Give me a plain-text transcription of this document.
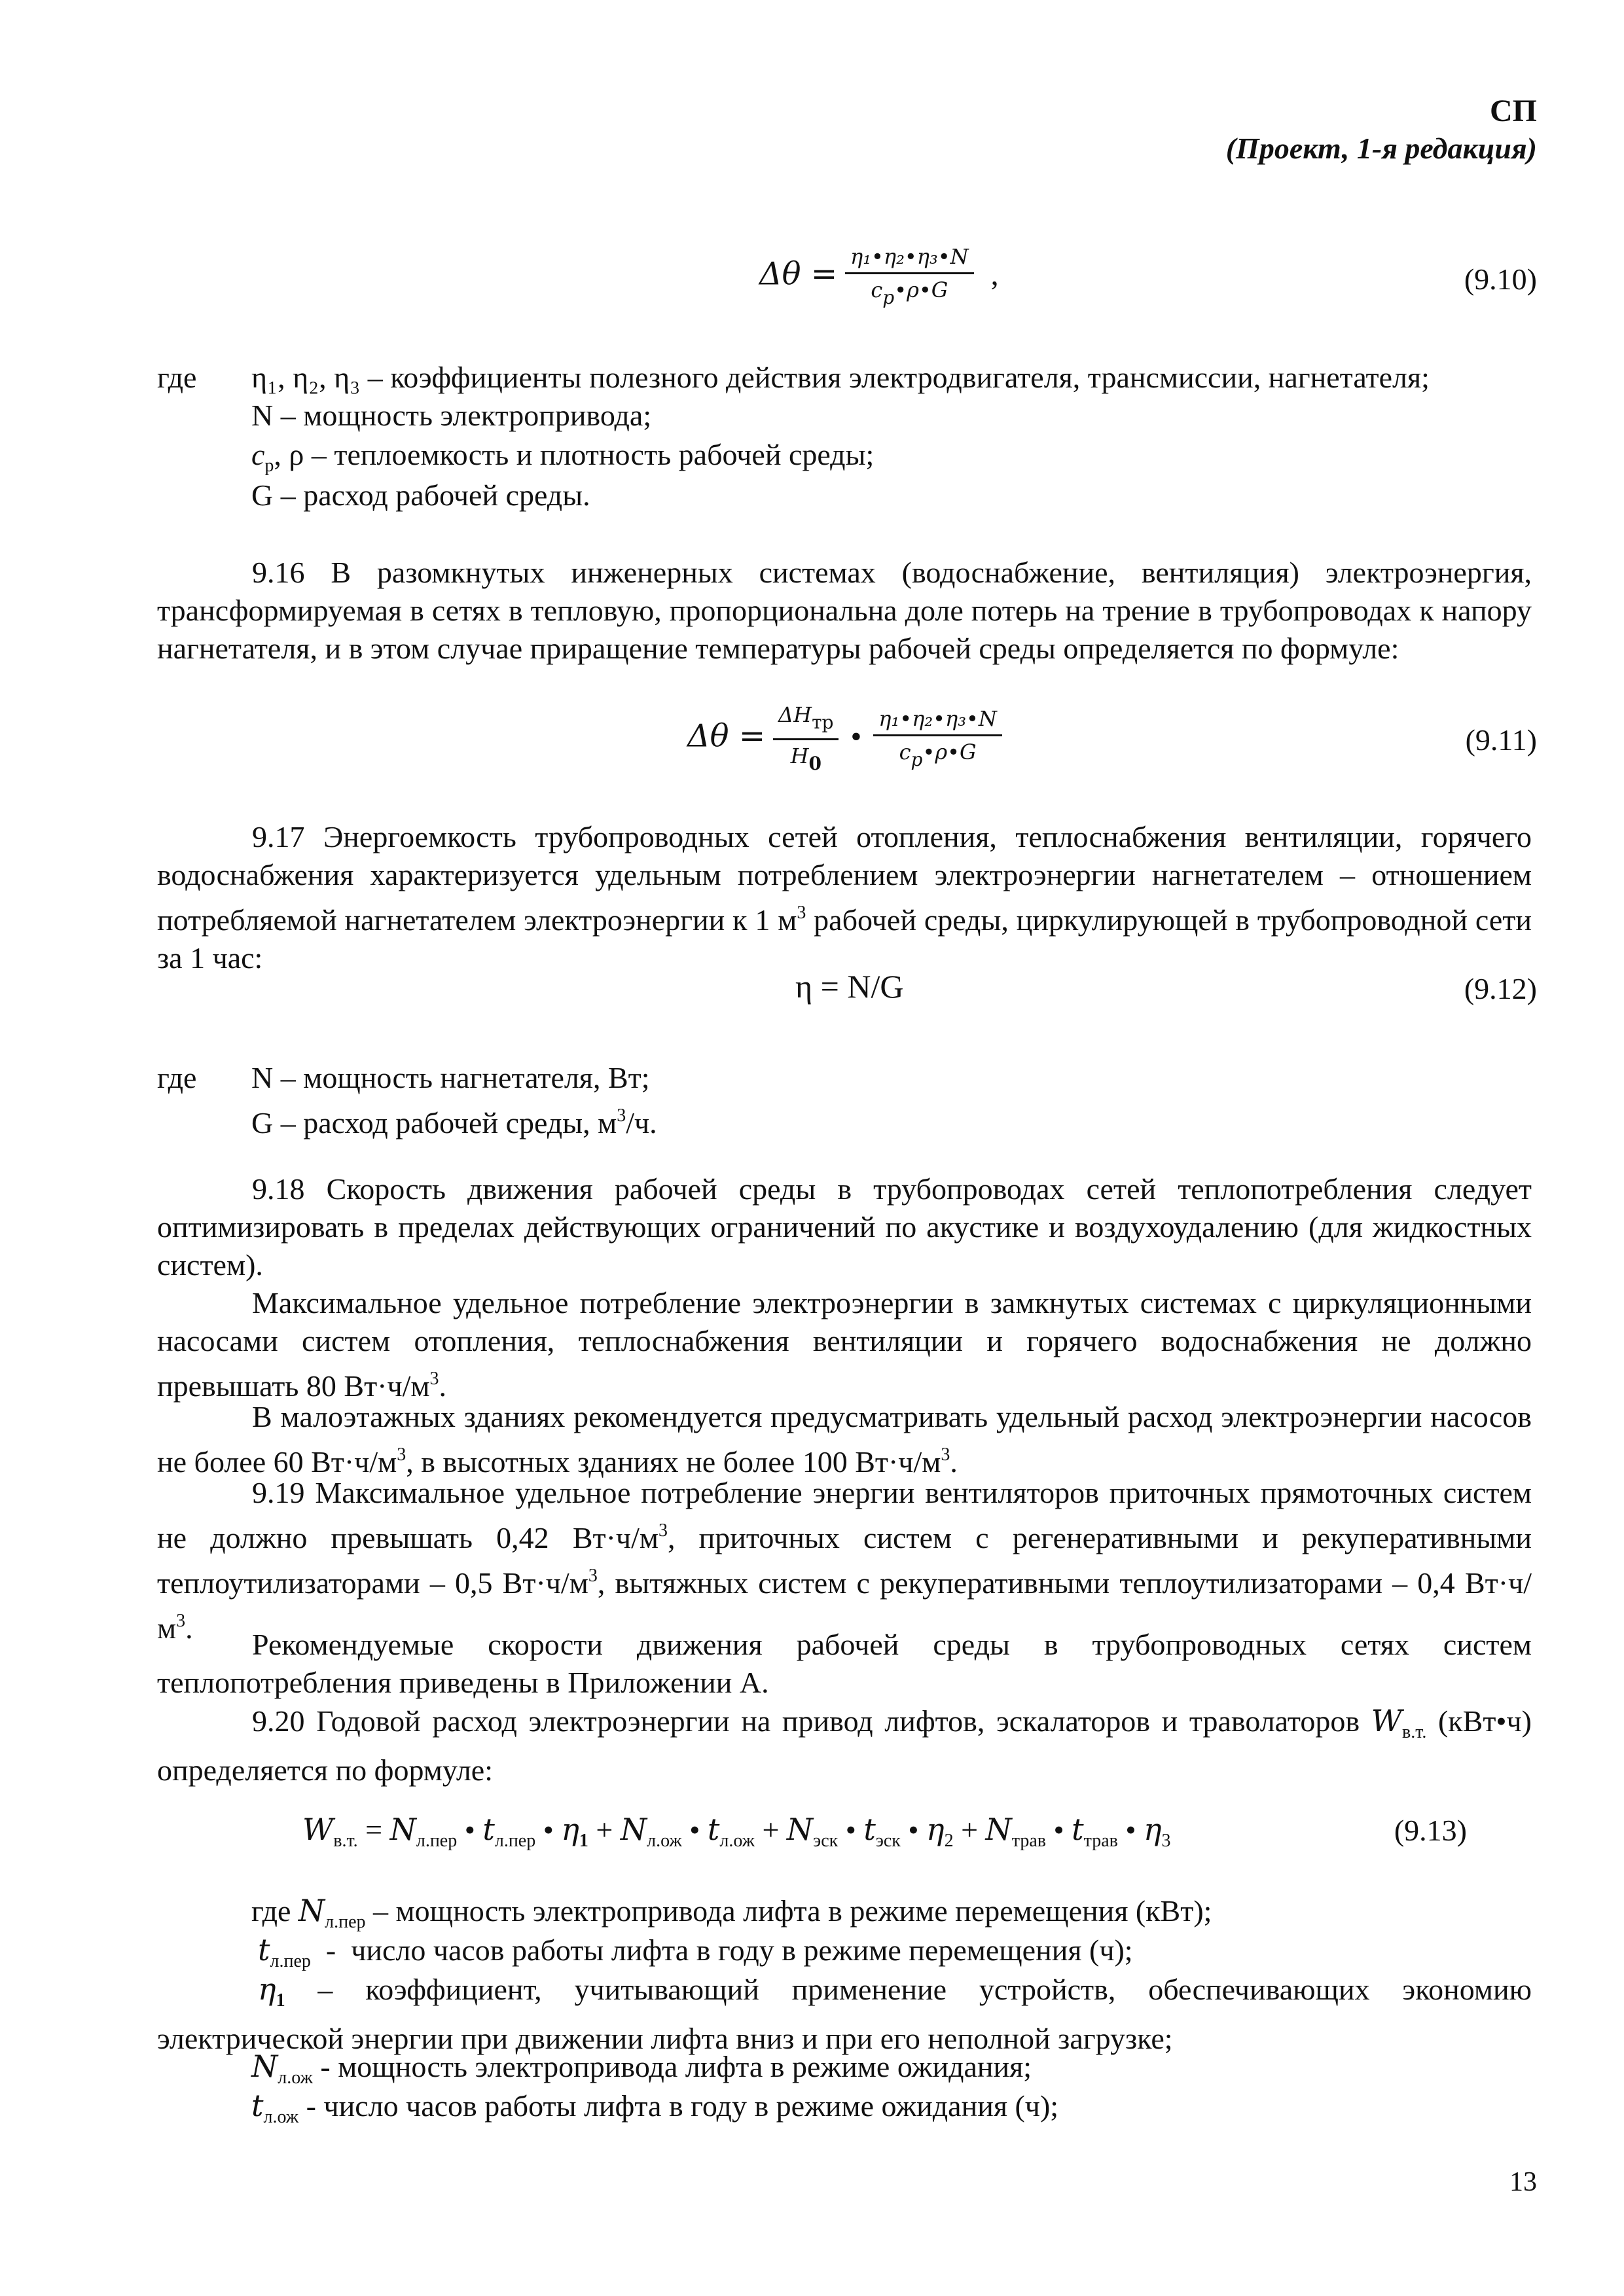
СП
(Проект, 1-я редакция)
$\Delta\theta = \frac{\text{η₁•η₂•η₃•N}}{cp•\rho•G}$ ,	(9.10)
где η₁, η₂, η₃ – коэффициенты полезного действия электродвигателя, трансмиссии, нагнетателя;
N – мощность электропривода;
$c_p$, ρ – теплоемкость и плотность рабочей среды;
G – расход рабочей среды.
9.16 В разомкнутых инженерных системах (водоснабжение, вентиляция) электроэнергия, трансформируемая в сетях в тепловую, пропорциональна доле потерь на трение в трубопроводах к напору нагнетателя, и в этом случае приращение температуры рабочей среды определяется по формуле:
$\Delta\theta = \frac{\text{ΔHтр}}{H0}$ • $\frac{\text{η₁•η₂•η₃•N}}{cp•\rho•G}$	(9.11)
9.17 Энергоемкость трубопроводных сетей отопления, теплоснабжения вентиляции, горячего водоснабжения характеризуется удельным потреблением электроэнергии нагнетателем – отношением потребляемой нагнетателем электроэнергии к 1 $м^3$ рабочей среды, циркулирующей в трубопроводной сети за 1 час:
η = N/G	(9.12)
где N – мощность нагнетателя, Вт;
G – расход рабочей среды, $м^3/ч$.
9.18 Скорость движения рабочей среды в трубопроводах сетей теплопотребления следует оптимизировать в пределах действующих ограничений по акустике и воздухоудалению (для жидкостных систем).
Максимальное удельное потребление электроэнергии в замкнутых системах с циркуляционными насосами систем отопления, теплоснабжения вентиляции и горячего водоснабжения не должно превышать 80 $Вт\cdot ч/м^3$.
В малоэтажных зданиях рекомендуется предусматривать удельный расход электроэнергии насосов не более 60 $Вт\cdot ч/м^3$, в высотных зданиях не более 100 $Вт\cdot ч/м^3$.
9.19 Максимальное удельное потребление энергии вентиляторов приточных прямоточных систем не должно превышать 0,42 $Вт\cdot ч/м^3$, приточных систем с регенеративными и рекуперативными теплоутилизаторами – 0,5 $Вт\cdot ч/м^3$, вытяжных систем с рекуперативными теплоутилизаторами – 0,4 $Вт\cdot ч/м^3$.	Рекомендуемые скорости движения рабочей среды в трубопроводных сетях систем теплопотребления приведены в Приложении А.
9.20 Годовой расход электроэнергии на привод лифтов, эскалаторов и траволаторов $W_{в.т.}$ (кВт•ч) определяется по формуле:
$W_{в.т.} = N_{л.пер}$ • $t_{л.пер}$ • $\eta_1 + N_{л.ож}$ • $t_{л.ож} + N_{эск}$ • $t_{эск}$ • $\eta_2 + N_{трав}$ • $t_{трав}$ • $\eta_3$	(9.13)
где $N_{л.пер}$ – мощность электропривода лифта в режиме перемещения (кВт);
$t_{л.пер}$  -  число часов работы лифта в году в режиме перемещения (ч);
$\eta_1$ – коэффициент, учитывающий применение устройств, обеспечивающих экономию электрической энергии при движении лифта вниз и при его неполной загрузке;
$N_{л.ож}$ - мощность электропривода лифта в режиме ожидания;
$t_{л.ож}$ - число часов работы лифта в году в режиме ожидания (ч);
13
